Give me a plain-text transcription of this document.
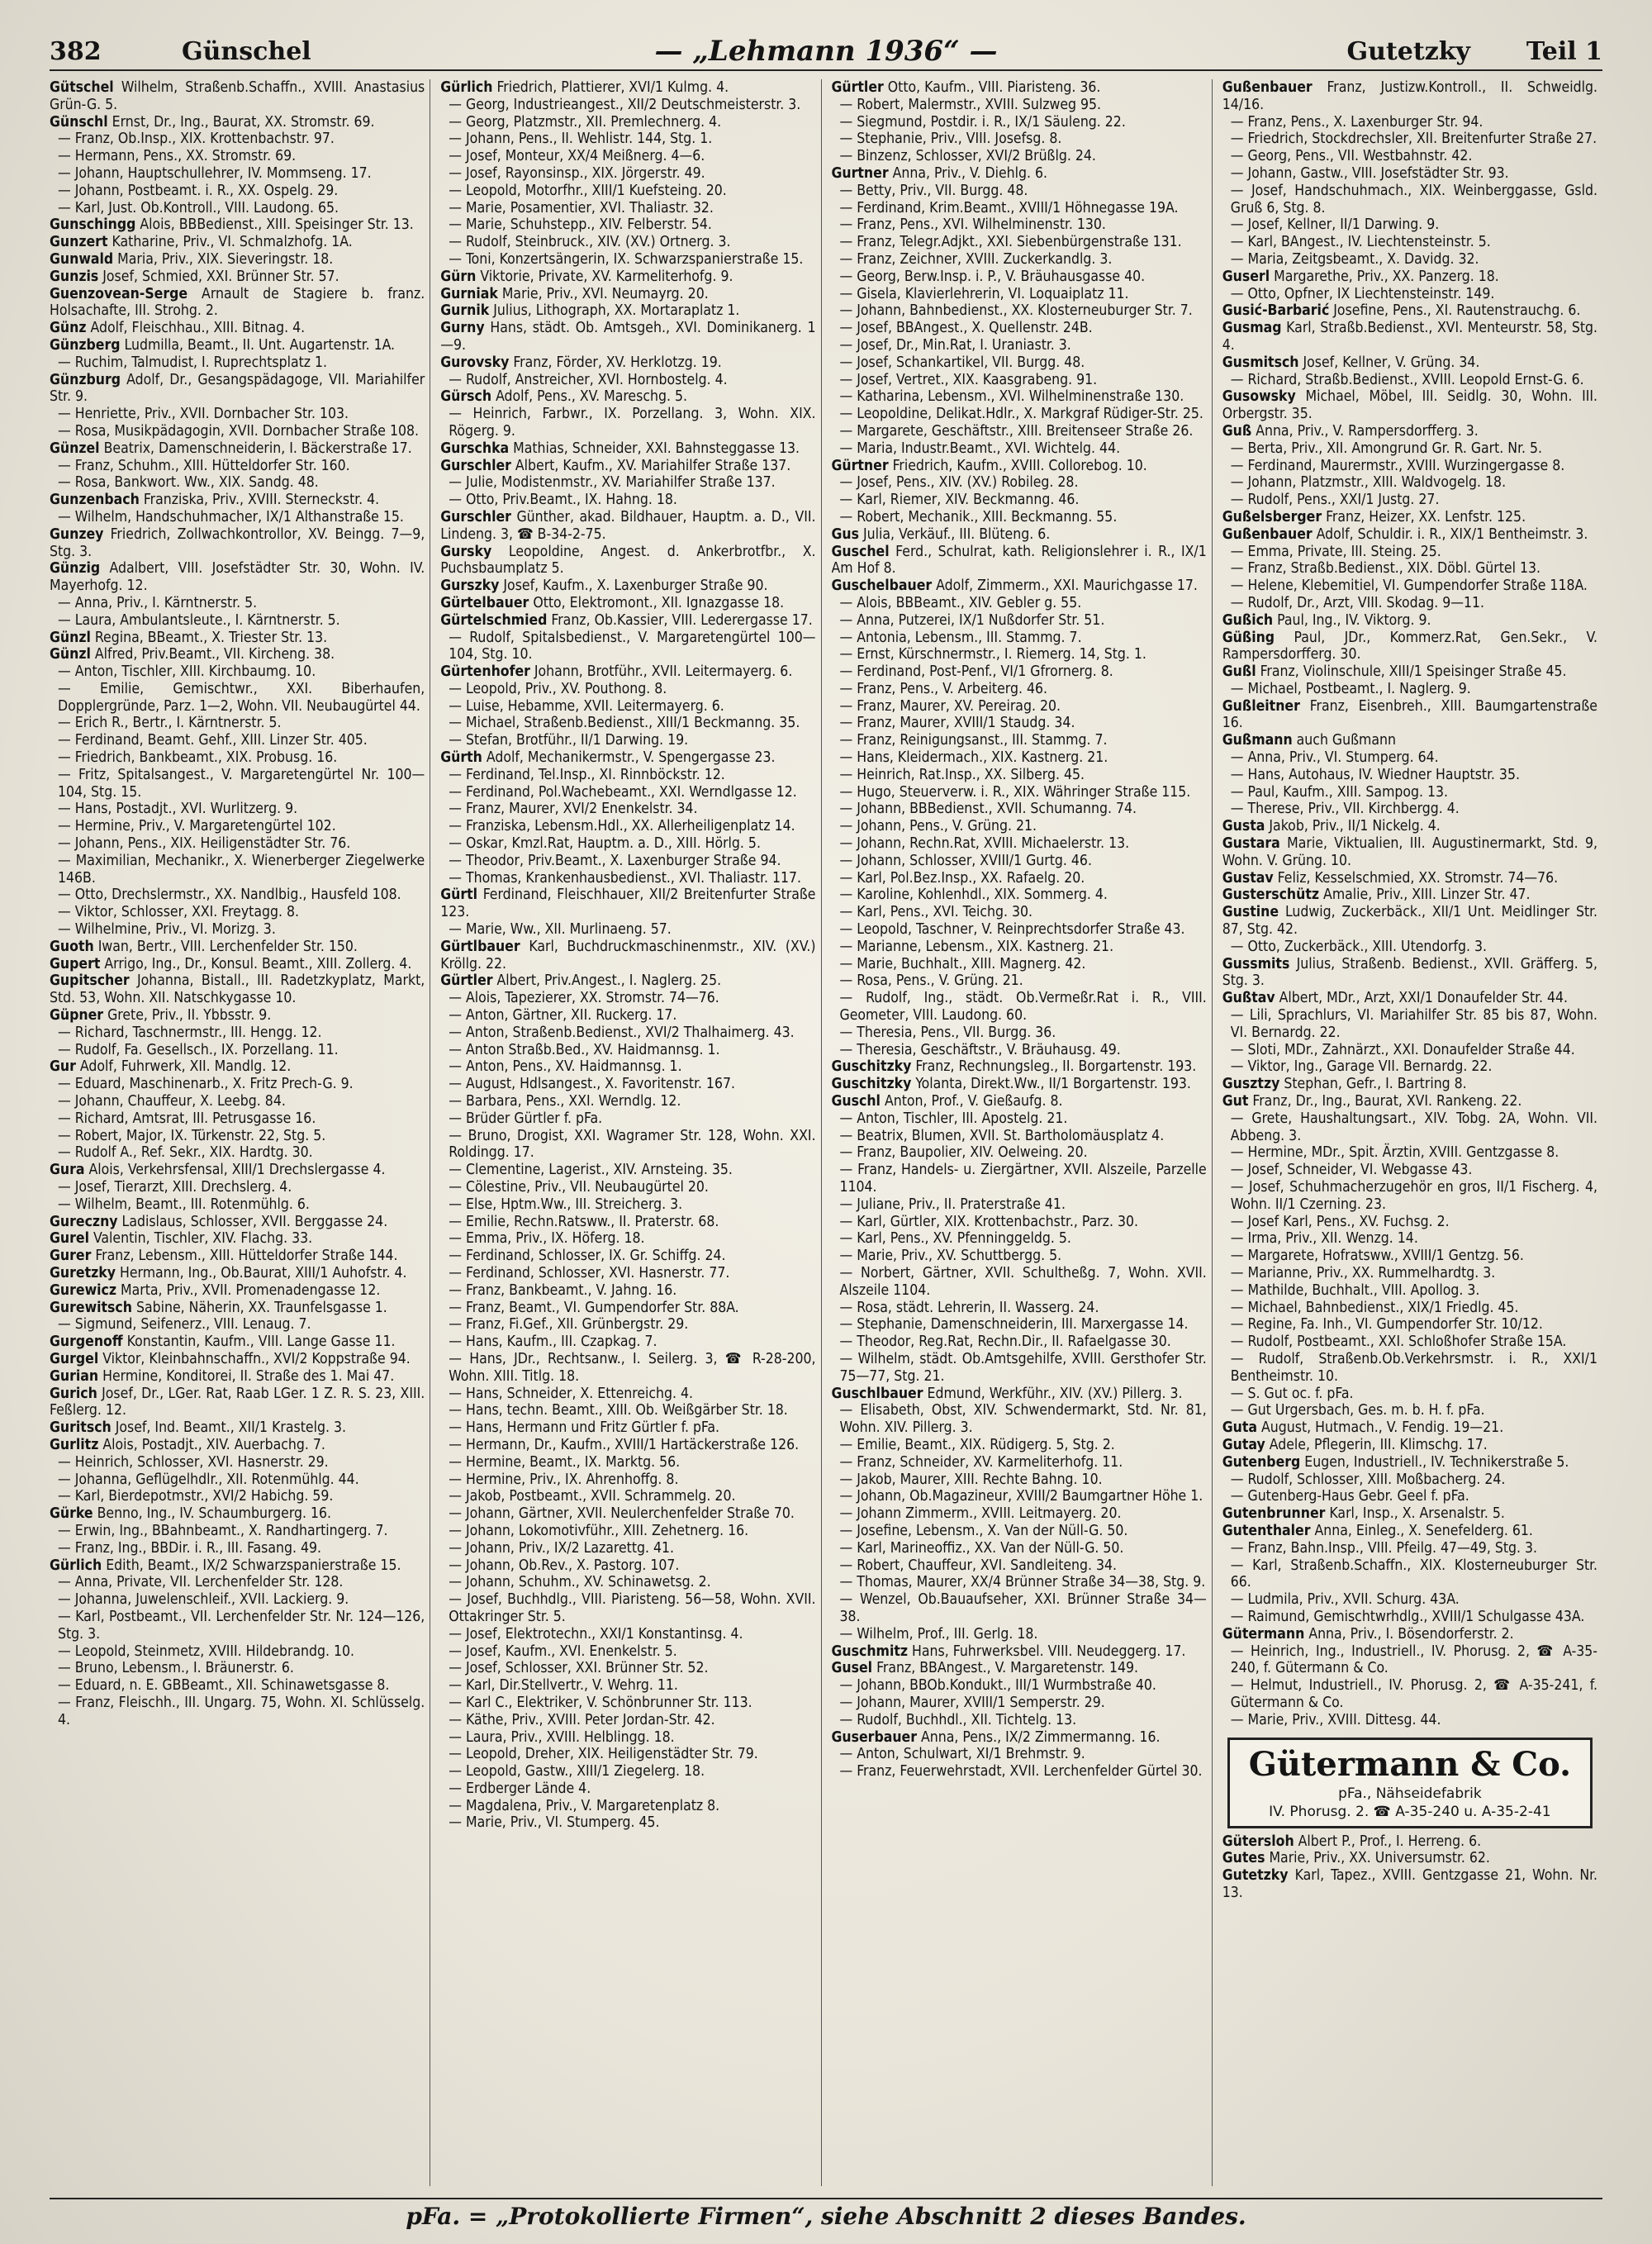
382	Günschel	— „Lehmann 1936“ —	Gutetzky	Teil 1

Gütschel Wilhelm, Straßenb.Schaffn., XVIII. Anastasius Grün-G. 5.

Günschl Ernst, Dr., Ing., Baurat, XX. Stromstr. 69.

— Franz, Ob.Insp., XIX. Krottenbachstr. 97.

— Hermann, Pens., XX. Stromstr. 69.

— Johann, Hauptschullehrer, IV. Mommseng. 17.

— Johann, Postbeamt. i. R., XX. Ospelg. 29.

— Karl, Just. Ob.Kontroll., VIII. Laudong. 65.

Gunschingg Alois, BBBedienst., XIII. Speisinger Str. 13.

Gunzert Katharine, Priv., VI. Schmalzhofg. 1A.

Gunwald Maria, Priv., XIX. Sieveringstr. 18.

Gunzis Josef, Schmied, XXI. Brünner Str. 57.

Guenzovean-Serge Arnault de Stagiere b. franz. Holsachafte, III. Strohg. 2.

Günz Adolf, Fleischhau., XIII. Bitnag. 4.

Günzberg Ludmilla, Beamt., II. Unt. Augartenstr. 1A.

— Ruchim, Talmudist, I. Ruprechtsplatz 1.

Günzburg Adolf, Dr., Gesangspädagoge, VII. Mariahilfer Str. 9.

— Henriette, Priv., XVII. Dornbacher Str. 103.

— Rosa, Musikpädagogin, XVII. Dornbacher Straße 108.

Günzel Beatrix, Damenschneiderin, I. Bäckerstraße 17.

— Franz, Schuhm., XIII. Hütteldorfer Str. 160.

— Rosa, Bankwort. Ww., XIX. Sandg. 48.

Gunzenbach Franziska, Priv., XVIII. Sterneckstr. 4.

— Wilhelm, Handschuhmacher, IX/1 Althanstraße 15.

Gunzey Friedrich, Zollwachkontrollor, XV. Beingg. 7—9, Stg. 3.

Günzig Adalbert, VIII. Josefstädter Str. 30, Wohn. IV. Mayerhofg. 12.

— Anna, Priv., I. Kärntnerstr. 5.

— Laura, Ambulantsleute., I. Kärntnerstr. 5.

Günzl Regina, BBeamt., X. Triester Str. 13.

Günzl Alfred, Priv.Beamt., VII. Kircheng. 38.

— Anton, Tischler, XIII. Kirchbaumg. 10.

— Emilie, Gemischtwr., XXI. Biberhaufen, Dopplergründe, Parz. 1—2, Wohn. VII. Neubaugürtel 44.

— Erich R., Bertr., I. Kärntnerstr. 5.

— Ferdinand, Beamt. Gehf., XIII. Linzer Str. 405.

— Friedrich, Bankbeamt., XIX. Probusg. 16.

— Fritz, Spitalsangest., V. Margaretengürtel Nr. 100—104, Stg. 15.

— Hans, Postadjt., XVI. Wurlitzerg. 9.

— Hermine, Priv., V. Margaretengürtel 102.

— Johann, Pens., XIX. Heiligenstädter Str. 76.

— Maximilian, Mechanikr., X. Wienerberger Ziegelwerke 146B.

— Otto, Drechslermstr., XX. Nandlbig., Hausfeld 108.

— Viktor, Schlosser, XXI. Freytagg. 8.

— Wilhelmine, Priv., VI. Morizg. 3.

Guoth Iwan, Bertr., VIII. Lerchenfelder Str. 150.

Gupert Arrigo, Ing., Dr., Konsul. Beamt., XIII. Zollerg. 4.

Gupitscher Johanna, Bistall., III. Radetzkyplatz, Markt, Std. 53, Wohn. XII. Natschkygasse 10.

Güpner Grete, Priv., II. Ybbsstr. 9.

— Richard, Taschnermstr., III. Hengg. 12.

— Rudolf, Fa. Gesellsch., IX. Porzellang. 11.

Gur Adolf, Fuhrwerk, XII. Mandlg. 12.

— Eduard, Maschinenarb., X. Fritz Prech-G. 9.

— Johann, Chauffeur, X. Leebg. 84.

— Richard, Amtsrat, III. Petrusgasse 16.

— Robert, Major, IX. Türkenstr. 22, Stg. 5.

— Rudolf A., Ref. Sekr., XIX. Hardtg. 30.

Gura Alois, Verkehrsfensal, XIII/1 Drechslergasse 4.

— Josef, Tierarzt, XIII. Drechslerg. 4.

— Wilhelm, Beamt., III. Rotenmühlg. 6.

Gureczny Ladislaus, Schlosser, XVII. Berggasse 24.

Gurel Valentin, Tischler, XIV. Flachg. 33.

Gurer Franz, Lebensm., XIII. Hütteldorfer Straße 144.

Guretzky Hermann, Ing., Ob.Baurat, XIII/1 Auhofstr. 4.

Gurewicz Marta, Priv., XVII. Promenadengasse 12.

Gurewitsch Sabine, Näherin, XX. Traunfelsgasse 1.

— Sigmund, Seifenerz., VIII. Lenaug. 7.

Gurgenoff Konstantin, Kaufm., VIII. Lange Gasse 11.

Gurgel Viktor, Kleinbahnschaffn., XVI/2 Koppstraße 94.

Gurian Hermine, Konditorei, II. Straße des 1. Mai 47.

Gurich Josef, Dr., LGer. Rat, Raab LGer. 1 Z. R. S. 23, XIII. Feßlerg. 12.

Guritsch Josef, Ind. Beamt., XII/1 Krastelg. 3.

Gurlitz Alois, Postadjt., XIV. Auerbachg. 7.

— Heinrich, Schlosser, XVI. Hasnerstr. 29.

— Johanna, Geflügelhdlr., XII. Rotenmühlg. 44.

— Karl, Bierdepotmstr., XVI/2 Habichg. 59.

Gürke Benno, Ing., IV. Schaumburgerg. 16.

— Erwin, Ing., BBahnbeamt., X. Randhartingerg. 7.

— Franz, Ing., BBDir. i. R., III. Fasang. 49.

Gürlich Edith, Beamt., IX/2 Schwarzspanierstraße 15.

— Anna, Private, VII. Lerchenfelder Str. 128.

— Johanna, Juwelenschleif., XVII. Lackierg. 9.

— Karl, Postbeamt., VII. Lerchenfelder Str. Nr. 124—126, Stg. 3.

— Leopold, Steinmetz, XVIII. Hildebrandg. 10.

— Bruno, Lebensm., I. Bräunerstr. 6.

— Eduard, n. E. GBBeamt., XII. Schinawetsgasse 8.

— Franz, Fleischh., III. Ungarg. 75, Wohn. XI. Schlüsselg. 4.

Gürlich Friedrich, Plattierer, XVI/1 Kulmg. 4.

— Georg, Industrieangest., XII/2 Deutschmeisterstr. 3.

— Georg, Platzmstr., XII. Premlechnerg. 4.

— Johann, Pens., II. Wehlistr. 144, Stg. 1.

— Josef, Monteur, XX/4 Meißnerg. 4—6.

— Josef, Rayonsinsp., XIX. Jörgerstr. 49.

— Leopold, Motorfhr., XIII/1 Kuefsteing. 20.

— Marie, Posamentier, XVI. Thaliastr. 32.

— Marie, Schuhstepp., XIV. Felberstr. 54.

— Rudolf, Steinbruck., XIV. (XV.) Ortnerg. 3.

— Toni, Konzertsängerin, IX. Schwarzspanierstraße 15.

Gürn Viktorie, Private, XV. Karmeliterhofg. 9.

Gurniak Marie, Priv., XVI. Neumayrg. 20.

Gurnik Julius, Lithograph, XX. Mortaraplatz 1.

Gurny Hans, städt. Ob. Amtsgeh., XVI. Dominikanerg. 1—9.

Gurovsky Franz, Förder, XV. Herklotzg. 19.

— Rudolf, Anstreicher, XVI. Hornbostelg. 4.

Gürsch Adolf, Pens., XV. Mareschg. 5.

— Heinrich, Farbwr., IX. Porzellang. 3, Wohn. XIX. Rögerg. 9.

Gurschka Mathias, Schneider, XXI. Bahnsteggasse 13.

Gurschler Albert, Kaufm., XV. Mariahilfer Straße 137.

— Julie, Modistenmstr., XV. Mariahilfer Straße 137.

— Otto, Priv.Beamt., IX. Hahng. 18.

Gurschler Günther, akad. Bildhauer, Hauptm. a. D., VII. Lindeng. 3, ☎ B-34-2-75.

Gursky Leopoldine, Angest. d. Ankerbrotfbr., X. Puchsbaumplatz 5.

Gurszky Josef, Kaufm., X. Laxenburger Straße 90.

Gürtelbauer Otto, Elektromont., XII. Ignazgasse 18.

Gürtelschmied Franz, Ob.Kassier, VIII. Lederergasse 17.

— Rudolf, Spitalsbedienst., V. Margaretengürtel 100—104, Stg. 10.

Gürtenhofer Johann, Brotführ., XVII. Leitermayerg. 6.

— Leopold, Priv., XV. Pouthong. 8.

— Luise, Hebamme, XVII. Leitermayerg. 6.

— Michael, Straßenb.Bedienst., XIII/1 Beckmanng. 35.

— Stefan, Brotführ., II/1 Darwing. 19.

Gürth Adolf, Mechanikermstr., V. Spengergasse 23.

— Ferdinand, Tel.Insp., XI. Rinnböckstr. 12.

— Ferdinand, Pol.Wachebeamt., XXI. Werndlgasse 12.

— Franz, Maurer, XVI/2 Enenkelstr. 34.

— Franziska, Lebensm.Hdl., XX. Allerheiligenplatz 14.

— Oskar, Kmzl.Rat, Hauptm. a. D., XIII. Hörlg. 5.

— Theodor, Priv.Beamt., X. Laxenburger Straße 94.

— Thomas, Krankenhausbedienst., XVI. Thaliastr. 117.

Gürtl Ferdinand, Fleischhauer, XII/2 Breitenfurter Straße 123.

— Marie, Ww., XII. Murlinaeng. 57.

Gürtlbauer Karl, Buchdruckmaschinenmstr., XIV. (XV.) Kröllg. 22.

Gürtler Albert, Priv.Angest., I. Naglerg. 25.

— Alois, Tapezierer, XX. Stromstr. 74—76.

— Anton, Gärtner, XII. Ruckerg. 17.

— Anton, Straßenb.Bedienst., XVI/2 Thalhaimerg. 43.

— Anton Straßb.Bed., XV. Haidmannsg. 1.

— Anton, Pens., XV. Haidmannsg. 1.

— August, Hdlsangest., X. Favoritenstr. 167.

— Barbara, Pens., XXI. Werndlg. 12.

— Brüder Gürtler f. pFa.

— Bruno, Drogist, XXI. Wagramer Str. 128, Wohn. XXI. Roldingg. 17.

— Clementine, Lagerist., XIV. Arnsteing. 35.

— Cölestine, Priv., VII. Neubaugürtel 20.

— Else, Hptm.Ww., III. Streicherg. 3.

— Emilie, Rechn.Ratsww., II. Praterstr. 68.

— Emma, Priv., IX. Höferg. 18.

— Ferdinand, Schlosser, IX. Gr. Schiffg. 24.

— Ferdinand, Schlosser, XVI. Hasnerstr. 77.

— Franz, Bankbeamt., V. Jahng. 16.

— Franz, Beamt., VI. Gumpendorfer Str. 88A.

— Franz, Fi.Gef., XII. Grünbergstr. 29.

— Hans, Kaufm., III. Czapkag. 7.

— Hans, JDr., Rechtsanw., I. Seilerg. 3, ☎ R-28-200, Wohn. XIII. Titlg. 18.

— Hans, Schneider, X. Ettenreichg. 4.

— Hans, techn. Beamt., XIII. Ob. Weißgärber Str. 18.

— Hans, Hermann und Fritz Gürtler f. pFa.

— Hermann, Dr., Kaufm., XVIII/1 Hartäckerstraße 126.

— Hermine, Beamt., IX. Marktg. 56.

— Hermine, Priv., IX. Ahrenhoffg. 8.

— Jakob, Postbeamt., XVII. Schrammelg. 20.

— Johann, Gärtner, XVII. Neulerchenfelder Straße 70.

— Johann, Lokomotivführ., XIII. Zehetnerg. 16.

— Johann, Priv., IX/2 Lazarettg. 41.

— Johann, Ob.Rev., X. Pastorg. 107.

— Johann, Schuhm., XV. Schinawetsg. 2.

— Josef, Buchhdlg., VIII. Piaristeng. 56—58, Wohn. XVII. Ottakringer Str. 5.

— Josef, Elektrotechn., XXI/1 Konstantinsg. 4.

— Josef, Kaufm., XVI. Enenkelstr. 5.

— Josef, Schlosser, XXI. Brünner Str. 52.

— Karl, Dir.Stellvertr., V. Wehrg. 11.

— Karl C., Elektriker, V. Schönbrunner Str. 113.

— Käthe, Priv., XVIII. Peter Jordan-Str. 42.

— Laura, Priv., XVIII. Helblingg. 18.

— Leopold, Dreher, XIX. Heiligenstädter Str. 79.

— Leopold, Gastw., XIII/1 Ziegelerg. 18.

— Erdberger Lände 4.

— Magdalena, Priv., V. Margaretenplatz 8.

— Marie, Priv., VI. Stumperg. 45.

Gürtler Otto, Kaufm., VIII. Piaristeng. 36.

— Robert, Malermstr., XVIII. Sulzweg 95.

— Siegmund, Postdir. i. R., IX/1 Säuleng. 22.

— Stephanie, Priv., VIII. Josefsg. 8.

— Binzenz, Schlosser, XVI/2 Brüßlg. 24.

Gurtner Anna, Priv., V. Diehlg. 6.

— Betty, Priv., VII. Burgg. 48.

— Ferdinand, Krim.Beamt., XVIII/1 Höhnegasse 19A.

— Franz, Pens., XVI. Wilhelminenstr. 130.

— Franz, Telegr.Adjkt., XXI. Siebenbürgenstraße 131.

— Franz, Zeichner, XVIII. Zuckerkandlg. 3.

— Georg, Berw.Insp. i. P., V. Bräuhausgasse 40.

— Gisela, Klavierlehrerin, VI. Loquaiplatz 11.

— Johann, Bahnbedienst., XX. Klosterneuburger Str. 7.

— Josef, BBAngest., X. Quellenstr. 24B.

— Josef, Dr., Min.Rat, I. Uraniastr. 3.

— Josef, Schankartikel, VII. Burgg. 48.

— Josef, Vertret., XIX. Kaasgrabeng. 91.

— Katharina, Lebensm., XVI. Wilhelminenstraße 130.

— Leopoldine, Delikat.Hdlr., X. Markgraf Rüdiger-Str. 25.

— Margarete, Geschäftstr., XIII. Breitenseer Straße 26.

— Maria, Industr.Beamt., XVI. Wichtelg. 44.

Gürtner Friedrich, Kaufm., XVIII. Collorebog. 10.

— Josef, Pens., XIV. (XV.) Robileg. 28.

— Karl, Riemer, XIV. Beckmanng. 46.

— Robert, Mechanik., XIII. Beckmanng. 55.

Gus Julia, Verkäuf., III. Blüteng. 6.

Guschel Ferd., Schulrat, kath. Religionslehrer i. R., IX/1 Am Hof 8.

Guschelbauer Adolf, Zimmerm., XXI. Maurichgasse 17.

— Alois, BBBeamt., XIV. Gebler g. 55.

— Anna, Putzerei, IX/1 Nußdorfer Str. 51.

— Antonia, Lebensm., III. Stammg. 7.

— Ernst, Kürschnermstr., I. Riemerg. 14, Stg. 1.

— Ferdinand, Post-Penf., VI/1 Gfrornerg. 8.

— Franz, Pens., V. Arbeiterg. 46.

— Franz, Maurer, XV. Pereirag. 20.

— Franz, Maurer, XVIII/1 Staudg. 34.

— Franz, Reinigungsanst., III. Stammg. 7.

— Hans, Kleidermach., XIX. Kastnerg. 21.

— Heinrich, Rat.Insp., XX. Silberg. 45.

— Hugo, Steuerverw. i. R., XIX. Währinger Straße 115.

— Johann, BBBedienst., XVII. Schumanng. 74.

— Johann, Pens., V. Grüng. 21.

— Johann, Rechn.Rat, XVIII. Michaelerstr. 13.

— Johann, Schlosser, XVIII/1 Gurtg. 46.

— Karl, Pol.Bez.Insp., XX. Rafaelg. 20.

— Karoline, Kohlenhdl., XIX. Sommerg. 4.

— Karl, Pens., XVI. Teichg. 30.

— Leopold, Taschner, V. Reinprechtsdorfer Straße 43.

— Marianne, Lebensm., XIX. Kastnerg. 21.

— Marie, Buchhalt., XIII. Magnerg. 42.

— Rosa, Pens., V. Grüng. 21.

— Rudolf, Ing., städt. Ob.Vermeßr.Rat i. R., VIII. Geometer, VIII. Laudong. 60.

— Theresia, Pens., VII. Burgg. 36.

— Theresia, Geschäftstr., V. Bräuhausg. 49.

Guschitzky Franz, Rechnungsleg., II. Borgartenstr. 193.

Guschitzky Yolanta, Direkt.Ww., II/1 Borgartenstr. 193.

Guschl Anton, Prof., V. Gießaufg. 8.

— Anton, Tischler, III. Apostelg. 21.

— Beatrix, Blumen, XVII. St. Bartholomäusplatz 4.

— Franz, Baupolier, XIV. Oelweing. 20.

— Franz, Handels- u. Ziergärtner, XVII. Alszeile, Parzelle 1104.

— Juliane, Priv., II. Praterstraße 41.

— Karl, Gürtler, XIX. Krottenbachstr., Parz. 30.

— Karl, Pens., XV. Pfenninggeldg. 5.

— Marie, Priv., XV. Schuttbergg. 5.

— Norbert, Gärtner, XVII. Schultheßg. 7, Wohn. XVII. Alszeile 1104.

— Rosa, städt. Lehrerin, II. Wasserg. 24.

— Stephanie, Damenschneiderin, III. Marxergasse 14.

— Theodor, Reg.Rat, Rechn.Dir., II. Rafaelgasse 30.

— Wilhelm, städt. Ob.Amtsgehilfe, XVIII. Gersthofer Str. 75—77, Stg. 21.

Guschlbauer Edmund, Werkführ., XIV. (XV.) Pillerg. 3.

— Elisabeth, Obst, XIV. Schwendermarkt, Std. Nr. 81, Wohn. XIV. Pillerg. 3.

— Emilie, Beamt., XIX. Rüdigerg. 5, Stg. 2.

— Franz, Schneider, XV. Karmeliterhofg. 11.

— Jakob, Maurer, XIII. Rechte Bahng. 10.

— Johann, Ob.Magazineur, XVIII/2 Baumgartner Höhe 1.

— Johann Zimmerm., XVIII. Leitmayerg. 20.

— Josefine, Lebensm., X. Van der Nüll-G. 50.

— Karl, Marineoffiz., XX. Van der Nüll-G. 50.

— Robert, Chauffeur, XVI. Sandleiteng. 34.

— Thomas, Maurer, XX/4 Brünner Straße 34—38, Stg. 9.

— Wenzel, Ob.Bauaufseher, XXI. Brünner Straße 34—38.

— Wilhelm, Prof., III. Gerlg. 18.

Guschmitz Hans, Fuhrwerksbel. VIII. Neudeggerg. 17.

Gusel Franz, BBAngest., V. Margaretenstr. 149.

— Johann, BBOb.Kondukt., III/1 Wurmbstraße 40.

— Johann, Maurer, XVIII/1 Semperstr. 29.

— Rudolf, Buchhdl., XII. Tichtelg. 13.

Guserbauer Anna, Pens., IX/2 Zimmermanng. 16.

— Anton, Schulwart, XI/1 Brehmstr. 9.

— Franz, Feuerwehrstadt, XVII. Lerchenfelder Gürtel 30.

Gußenbauer Franz, Justizw.Kontroll., II. Schweidlg. 14/16.

— Franz, Pens., X. Laxenburger Str. 94.

— Friedrich, Stockdrechsler, XII. Breitenfurter Straße 27.

— Georg, Pens., VII. Westbahnstr. 42.

— Johann, Gastw., VIII. Josefstädter Str. 93.

— Josef, Handschuhmach., XIX. Weinberggasse, Gsld. Gruß 6, Stg. 8.

— Josef, Kellner, II/1 Darwing. 9.

— Karl, BAngest., IV. Liechtensteinstr. 5.

— Maria, Zeitgsbeamt., X. Davidg. 32.

Guserl Margarethe, Priv., XX. Panzerg. 18.

— Otto, Opfner, IX Liechtensteinstr. 149.

Gusić-Barbarić Josefine, Pens., XI. Rautenstrauchg. 6.

Gusmag Karl, Straßb.Bedienst., XVI. Menteurstr. 58, Stg. 4.

Gusmitsch Josef, Kellner, V. Grüng. 34.

— Richard, Straßb.Bedienst., XVIII. Leopold Ernst-G. 6.

Gusowsky Michael, Möbel, III. Seidlg. 30, Wohn. III. Orbergstr. 35.

Guß Anna, Priv., V. Rampersdorfferg. 3.

— Berta, Priv., XII. Amongrund Gr. R. Gart. Nr. 5.

— Ferdinand, Maurermstr., XVIII. Wurzingergasse 8.

— Johann, Platzmstr., XIII. Waldvogelg. 18.

— Rudolf, Pens., XXI/1 Justg. 27.

Gußelsberger Franz, Heizer, XX. Lenfstr. 125.

Gußenbauer Adolf, Schuldir. i. R., XIX/1 Bentheimstr. 3.

— Emma, Private, III. Steing. 25.

— Franz, Straßb.Bedienst., XIX. Döbl. Gürtel 13.

— Helene, Klebemitiel, VI. Gumpendorfer Straße 118A.

— Rudolf, Dr., Arzt, VIII. Skodag. 9—11.

Gußich Paul, Ing., IV. Viktorg. 9.

Güßing Paul, JDr., Kommerz.Rat, Gen.Sekr., V. Rampersdorfferg. 30.

Gußl Franz, Violinschule, XIII/1 Speisinger Straße 45.

— Michael, Postbeamt., I. Naglerg. 9.

Gußleitner Franz, Eisenbreh., XIII. Baumgartenstraße 16.

Gußmann auch Gußmann

— Anna, Priv., VI. Stumperg. 64.

— Hans, Autohaus, IV. Wiedner Hauptstr. 35.

— Paul, Kaufm., XIII. Sampog. 13.

— Therese, Priv., VII. Kirchbergg. 4.

Gusta Jakob, Priv., II/1 Nickelg. 4.

Gustara Marie, Viktualien, III. Augustinermarkt, Std. 9, Wohn. V. Grüng. 10.

Gustav Feliz, Kesselschmied, XX. Stromstr. 74—76.

Gusterschütz Amalie, Priv., XIII. Linzer Str. 47.

Gustine Ludwig, Zuckerbäck., XII/1 Unt. Meidlinger Str. 87, Stg. 42.

— Otto, Zuckerbäck., XIII. Utendorfg. 3.

Gussmits Julius, Straßenb. Bedienst., XVII. Gräfferg. 5, Stg. 3.

Gußtav Albert, MDr., Arzt, XXI/1 Donaufelder Str. 44.

— Lili, Sprachlurs, VI. Mariahilfer Str. 85 bis 87, Wohn. VI. Bernardg. 22.

— Sloti, MDr., Zahnärzt., XXI. Donaufelder Straße 44.

— Viktor, Ing., Garage VII. Bernardg. 22.

Gusztzy Stephan, Gefr., I. Bartring 8.

Gut Franz, Dr., Ing., Baurat, XVI. Rankeng. 22.

— Grete, Haushaltungsart., XIV. Tobg. 2A, Wohn. VII. Abbeng. 3.

— Hermine, MDr., Spit. Ärztin, XVIII. Gentzgasse 8.

— Josef, Schneider, VI. Webgasse 43.

— Josef, Schuhmacherzugehör en gros, II/1 Fischerg. 4, Wohn. II/1 Czerning. 23.

— Josef Karl, Pens., XV. Fuchsg. 2.

— Irma, Priv., XII. Wenzg. 14.

— Margarete, Hofratsww., XVIII/1 Gentzg. 56.

— Marianne, Priv., XX. Rummelhardtg. 3.

— Mathilde, Buchhalt., VIII. Apollog. 3.

— Michael, Bahnbedienst., XIX/1 Friedlg. 45.

— Regine, Fa. Inh., VI. Gumpendorfer Str. 10/12.

— Rudolf, Postbeamt., XXI. Schloßhofer Straße 15A.

— Rudolf, Straßenb.Ob.Verkehrsmstr. i. R., XXI/1 Bentheimstr. 10.

— S. Gut oc. f. pFa.

— Gut Urgersbach, Ges. m. b. H. f. pFa.

Guta August, Hutmach., V. Fendig. 19—21.

Gutay Adele, Pflegerin, III. Klimschg. 17.

Gutenberg Eugen, Industriell., IV. Technikerstraße 5.

— Rudolf, Schlosser, XIII. Moßbacherg. 24.

— Gutenberg-Haus Gebr. Geel f. pFa.

Gutenbrunner Karl, Insp., X. Arsenalstr. 5.

Gutenthaler Anna, Einleg., X. Senefelderg. 61.

— Franz, Bahn.Insp., VIII. Pfeilg. 47—49, Stg. 3.

— Karl, Straßenb.Schaffn., XIX. Klosterneuburger Str. 66.

— Ludmila, Priv., XVII. Schurg. 43A.

— Raimund, Gemischtwrhdlg., XVIII/1 Schulgasse 43A.

Gütermann Anna, Priv., I. Bösendorferstr. 2.

— Heinrich, Ing., Industriell., IV. Phorusg. 2, ☎ A-35-240, f. Gütermann & Co.

— Helmut, Industriell., IV. Phorusg. 2, ☎ A-35-241, f. Gütermann & Co.

— Marie, Priv., XVIII. Dittesg. 44.

Gütermann & Co.
pFa., Nähseidefabrik
IV. Phorusg. 2. ☎ A-35-240 u. A-35-2-41

Gütersloh Albert P., Prof., I. Herreng. 6.

Gutes Marie, Priv., XX. Universumstr. 62.

Gutetzky Karl, Tapez., XVIII. Gentzgasse 21, Wohn. Nr. 13.

pFa. = „Protokollierte Firmen“, siehe Abschnitt 2 dieses Bandes.
